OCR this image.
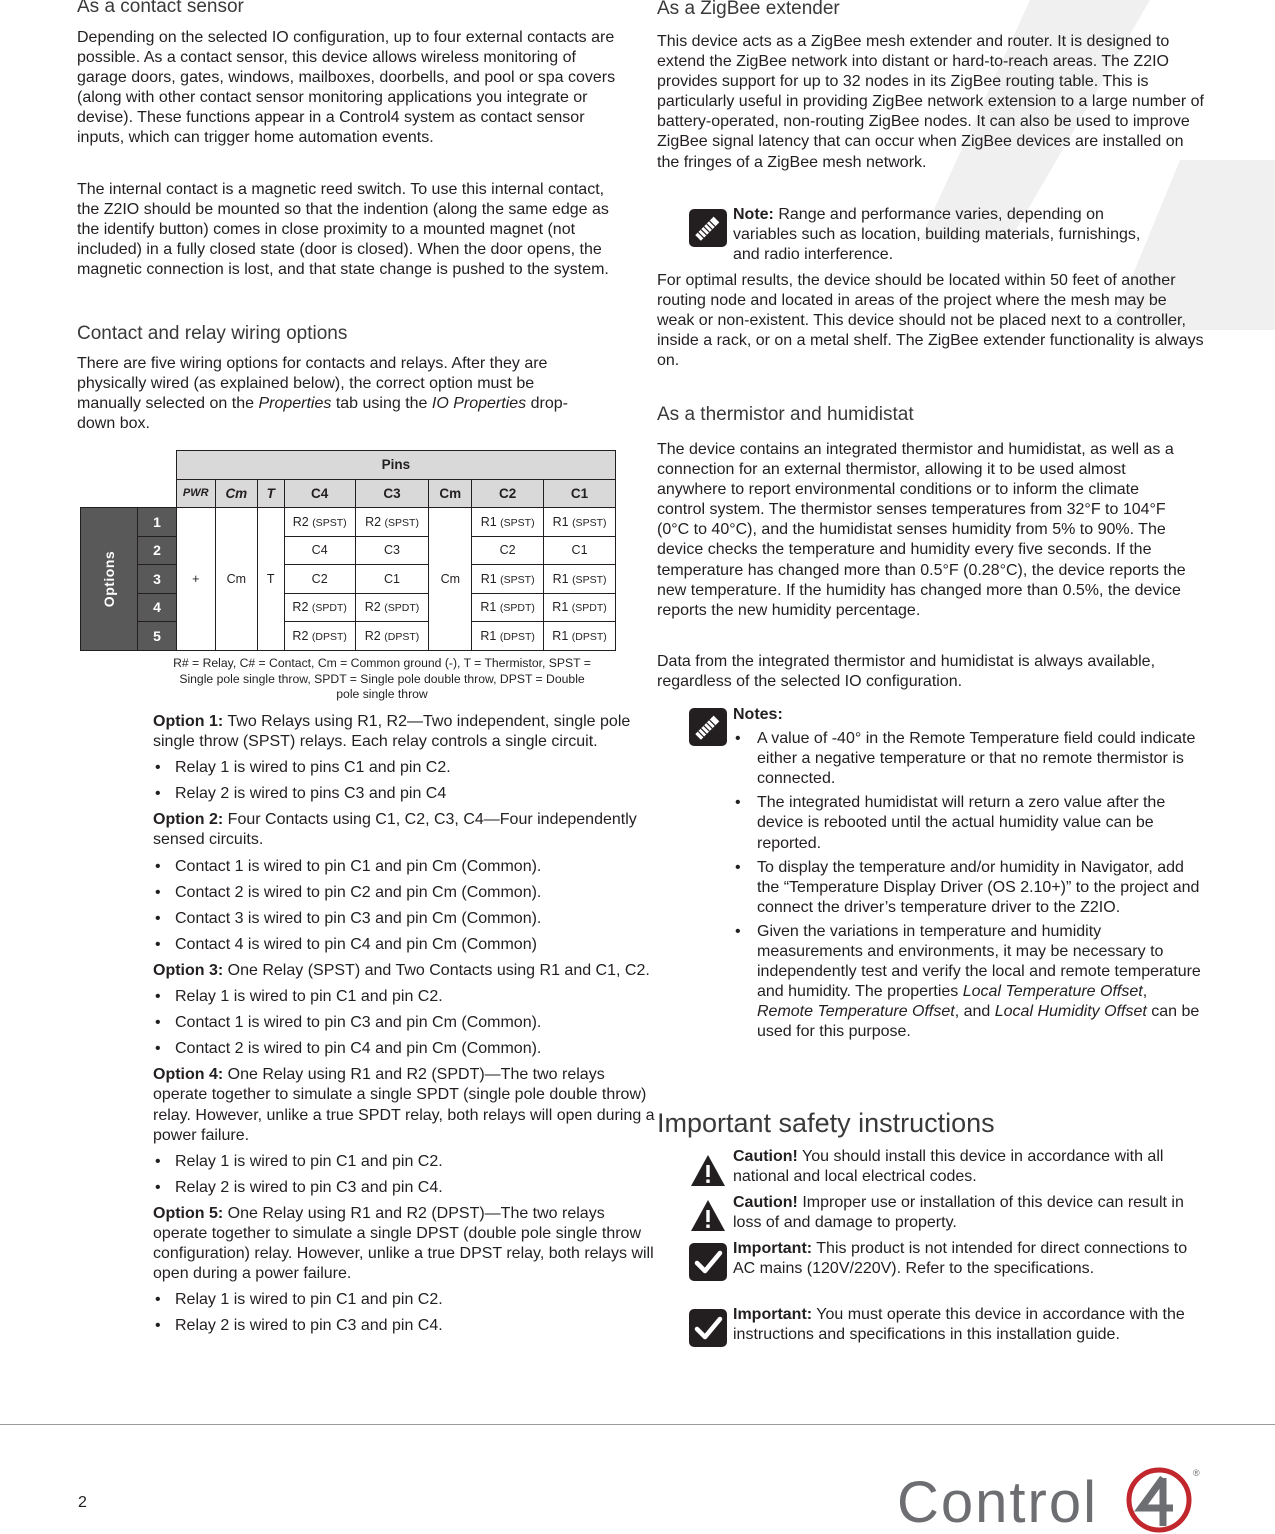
As a contact sensor

Depending on the selected IO configuration, up to four external contacts are possible. As a contact sensor, this device allows wireless monitoring of garage doors, gates, windows, mailboxes, doorbells, and pool or spa covers (along with other contact sensor monitoring applications you integrate or devise). These functions appear in a Control4 system as contact sensor inputs, which can trigger home automation events.

The internal contact is a magnetic reed switch. To use this internal contact, the Z2IO should be mounted so that the indention (along the same edge as the identify button) comes in close proximity to a mounted magnet (not included) in a fully closed state (door is closed). When the door opens, the magnetic connection is lost, and that state change is pushed to the system.

Contact and relay wiring options

There are five wiring options for contacts and relays. After they are physically wired (as explained below), the correct option must be manually selected on the Properties tab using the IO Properties drop-down box.

		Pins							
		PWR	Cm	T	C4	C3	Cm	C2	C1
Options	1	+	Cm	T	R2 (SPST)	R2 (SPST)	Cm	R1 (SPST)	R1 (SPST)
	2				C4	C3		C2	C1
	3				C2	C1		R1 (SPST)	R1 (SPST)
	4				R2 (SPDT)	R2 (SPDT)		R1 (SPDT)	R1 (SPDT)
	5				R2 (DPST)	R2 (DPST)		R1 (DPST)	R1 (DPST)

R# = Relay, C# = Contact, Cm = Common ground (-), T = Thermistor, SPST = Single pole single throw, SPDT = Single pole double throw, DPST = Double pole single throw

Option 1: Two Relays using R1, R2—Two independent, single pole single throw (SPST) relays. Each relay controls a single circuit.

• Relay 1 is wired to pins C1 and pin C2.
• Relay 2 is wired to pins C3 and pin C4

Option 2: Four Contacts using C1, C2, C3, C4—Four independently sensed circuits.

• Contact 1 is wired to pin C1 and pin Cm (Common).
• Contact 2 is wired to pin C2 and pin Cm (Common).
• Contact 3 is wired to pin C3 and pin Cm (Common).
• Contact 4 is wired to pin C4 and pin Cm (Common)

Option 3: One Relay (SPST) and Two Contacts using R1 and C1, C2.

• Relay 1 is wired to pin C1 and pin C2.
• Contact 1 is wired to pin C3 and pin Cm (Common).
• Contact 2 is wired to pin C4 and pin Cm (Common).

Option 4: One Relay using R1 and R2 (SPDT)—The two relays operate together to simulate a single SPDT (single pole double throw) relay. However, unlike a true SPDT relay, both relays will open during a power failure.

• Relay 1 is wired to pin C1 and pin C2.
• Relay 2 is wired to pin C3 and pin C4.

Option 5: One Relay using R1 and R2 (DPST)—The two relays operate together to simulate a single DPST (double pole single throw configuration) relay. However, unlike a true DPST relay, both relays will open during a power failure.

• Relay 1 is wired to pin C1 and pin C2.
• Relay 2 is wired to pin C3 and pin C4.
As a ZigBee extender

This device acts as a ZigBee mesh extender and router. It is designed to extend the ZigBee network into distant or hard-to-reach areas. The Z2IO provides support for up to 32 nodes in its ZigBee routing table. This is particularly useful in providing ZigBee network extension to a large number of battery-operated, non-routing ZigBee nodes. It can also be used to improve ZigBee signal latency that can occur when ZigBee devices are installed on the fringes of a ZigBee mesh network.

Note: Range and performance varies, depending on variables such as location, building materials, furnishings, and radio interference.

For optimal results, the device should be located within 50 feet of another routing node and located in areas of the project where the mesh may be weak or non-existent. This device should not be placed next to a controller, inside a rack, or on a metal shelf. The ZigBee extender functionality is always on.

As a thermistor and humidistat

The device contains an integrated thermistor and humidistat, as well as a connection for an external thermistor, allowing it to be used almost anywhere to report environmental conditions or to inform the climate control system. The thermistor senses temperatures from 32°F to 104°F (0°C to 40°C), and the humidistat senses humidity from 5% to 90%. The device checks the temperature and humidity every five seconds. If the temperature has changed more than 0.5°F (0.28°C), the device reports the new temperature. If the humidity has changed more than 0.5%, the device reports the new humidity percentage.

Data from the integrated thermistor and humidistat is always available, regardless of the selected IO configuration.

Notes:

• A value of -40° in the Remote Temperature field could indicate either a negative temperature or that no remote thermistor is connected.
• The integrated humidistat will return a zero value after the device is rebooted until the actual humidity value can be reported.
• To display the temperature and/or humidity in Navigator, add the “Temperature Display Driver (OS 2.10+)” to the project and connect the driver’s temperature driver to the Z2IO.
• Given the variations in temperature and humidity measurements and environments, it may be necessary to independently test and verify the local and remote temperature and humidity. The properties Local Temperature Offset, Remote Temperature Offset, and Local Humidity Offset can be used for this purpose.
Important safety instructions

Caution! You should install this device in accordance with all national and local electrical codes.

Caution! Improper use or installation of this device can result in loss of and damage to property.

Important: This product is not intended for direct connections to AC mains (120V/220V). Refer to the specifications.

Important: You must operate this device in accordance with the instructions and specifications in this installation guide.

2	Control
4	®
